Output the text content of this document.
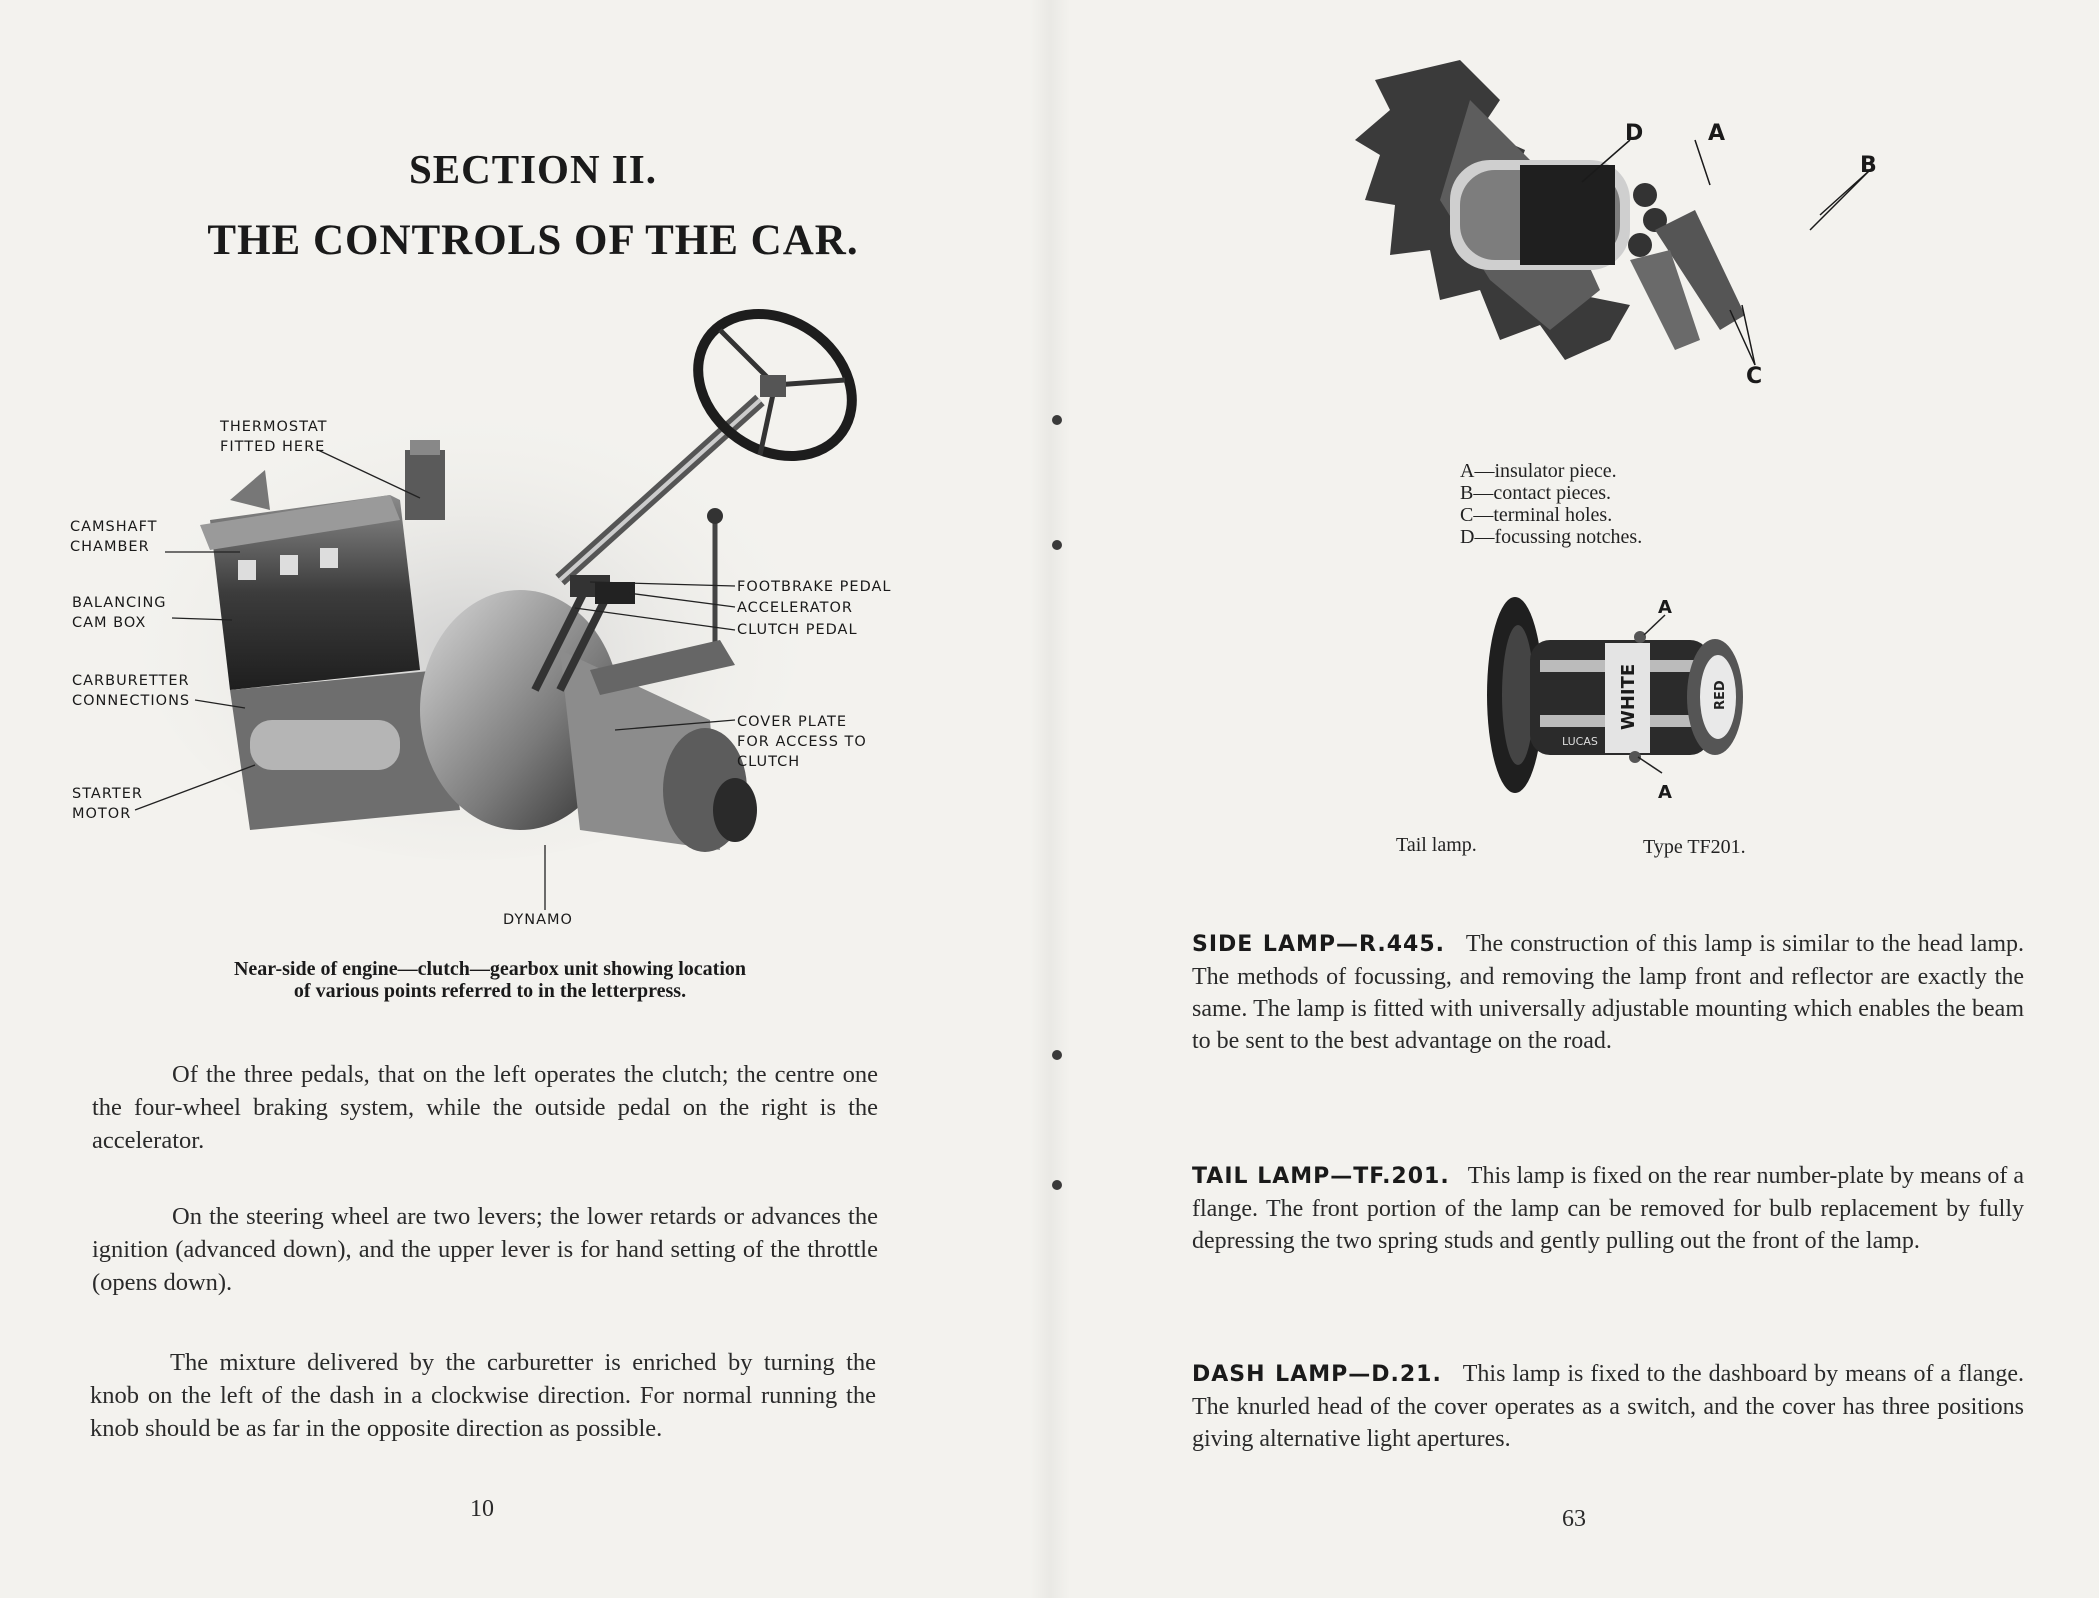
SECTION II.
THE CONTROLS OF THE CAR.
THERMOSTAT
FITTED HERE
CAMSHAFT
CHAMBER
BALANCING
CAM BOX
CARBURETTER
CONNECTIONS
STARTER
MOTOR
FOOTBRAKE PEDAL
ACCELERATOR
CLUTCH PEDAL
COVER PLATE
FOR ACCESS TO
CLUTCH
DYNAMO
Near-side of engine—clutch—gearbox unit showing location
of various points referred to in the letterpress.
Of the three pedals, that on the left operates the clutch; the centre one the four-wheel braking system, while the outside pedal on the right is the accelerator.
On the steering wheel are two levers; the lower retards or advances the ignition (advanced down), and the upper lever is for hand setting of the throttle (opens down).
The mixture delivered by the carburetter is enriched by turning the knob on the left of the dash in a clockwise direction. For normal running the knob should be as far in the opposite direction as possible.
10
D	A
B
C
A—insulator piece.
B—contact pieces.
C—terminal holes.
D—focussing notches.
WHITE
LUCAS
RED
A
A
Tail lamp.	Type TF201.

SIDE LAMP—R.445. The construction of this lamp is similar to the head lamp. The methods of focussing, and removing the lamp front and reflector are exactly the same. The lamp is fitted with universally adjustable mounting which enables the beam to be sent to the best advantage on the road.

TAIL LAMP—TF.201. This lamp is fixed on the rear number-plate by means of a flange. The front portion of the lamp can be removed for bulb replacement by fully depressing the two spring studs and gently pulling out the front of the lamp.

DASH LAMP—D.21. This lamp is fixed to the dashboard by means of a flange. The knurled head of the cover operates as a switch, and the cover has three positions giving alternative light apertures.

63
